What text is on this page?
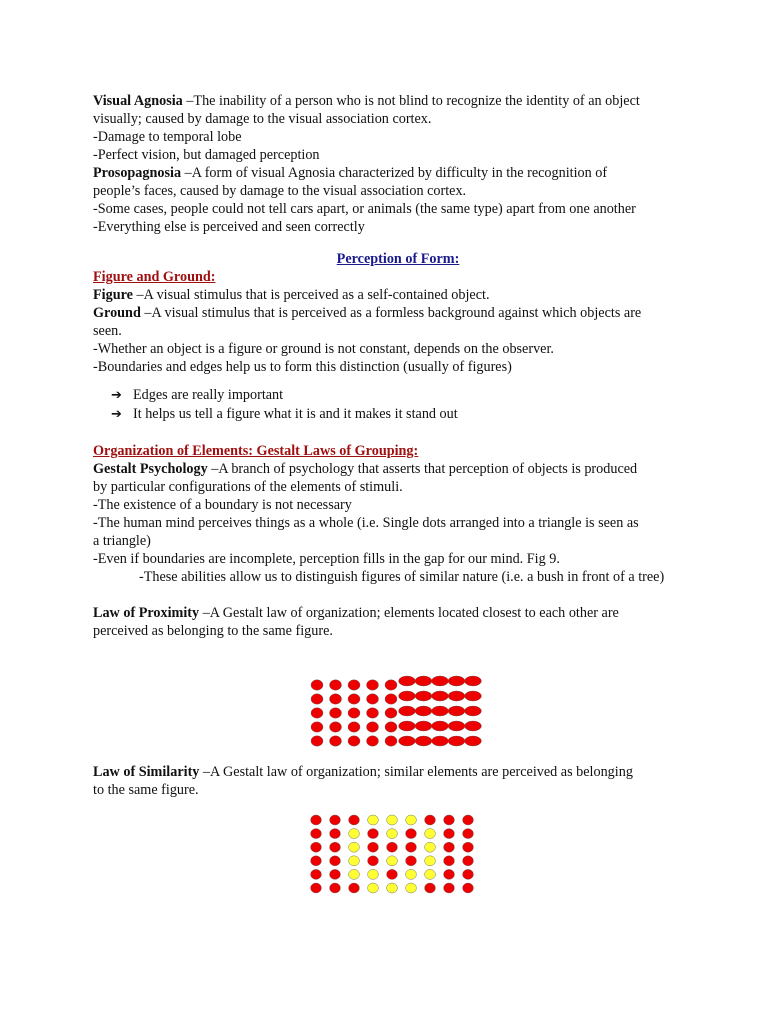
Visual Agnosia –The inability of a person who is not blind to recognize the identity of an object
visually; caused by damage to the visual association cortex.
-Damage to temporal lobe
-Perfect vision, but damaged perception
Prosopagnosia –A form of visual Agnosia characterized by difficulty in the recognition of
people’s faces, caused by damage to the visual association cortex.
-Some cases, people could not tell cars apart, or animals (the same type) apart from one another
-Everything else is perceived and seen correctly
Perception of Form:
Figure and Ground:
Figure –A visual stimulus that is perceived as a self-contained object.
Ground –A visual stimulus that is perceived as a formless background against which objects are
seen.
-Whether an object is a figure or ground is not constant, depends on the observer.
-Boundaries and edges help us to form this distinction (usually of figures)
➔ Edges are really important
➔ It helps us tell a figure what it is and it makes it stand out
Organization of Elements: Gestalt Laws of Grouping:
Gestalt Psychology –A branch of psychology that asserts that perception of objects is produced
by particular configurations of the elements of stimuli.
-The existence of a boundary is not necessary
-The human mind perceives things as a whole (i.e. Single dots arranged into a triangle is seen as
a triangle)
-Even if boundaries are incomplete, perception fills in the gap for our mind. Fig 9.
-These abilities allow us to distinguish figures of similar nature (i.e. a bush in front of a tree)
Law of Proximity –A Gestalt law of organization; elements located closest to each other are
perceived as belonging to the same figure.
Law of Similarity –A Gestalt law of organization; similar elements are perceived as belonging
to the same figure.
